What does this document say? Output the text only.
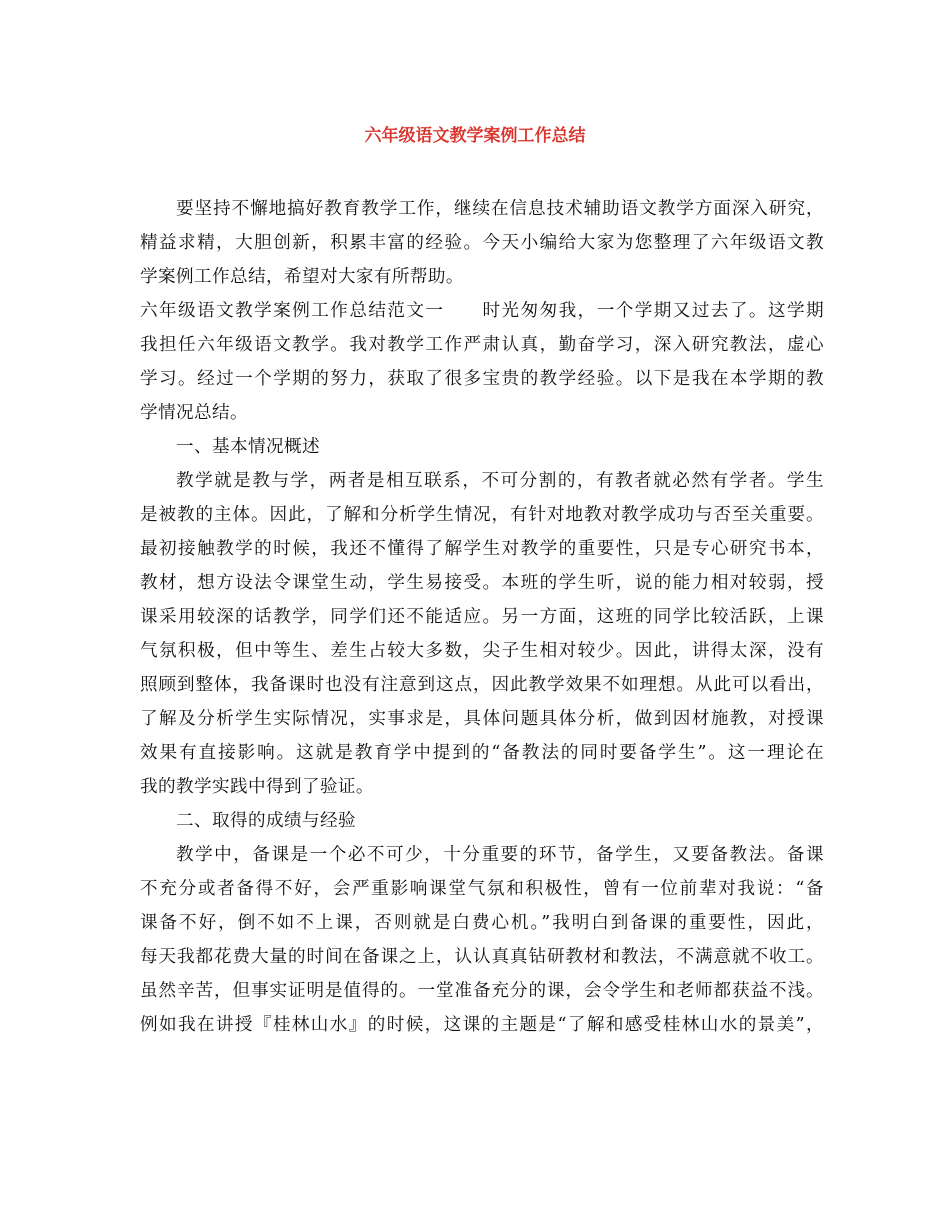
六年级语文教学案例工作总结
要坚持不懈地搞好教育教学工作，继续在信息技术辅助语文教学方面深入研究，
精益求精，大胆创新，积累丰富的经验。今天小编给大家为您整理了六年级语文教
学案例工作总结，希望对大家有所帮助。
六年级语文教学案例工作总结范文一　　时光匆匆我，一个学期又过去了。这学期
我担任六年级语文教学。我对教学工作严肃认真，勤奋学习，深入研究教法，虚心
学习。经过一个学期的努力，获取了很多宝贵的教学经验。以下是我在本学期的教
学情况总结。
一、基本情况概述
教学就是教与学，两者是相互联系，不可分割的，有教者就必然有学者。学生
是被教的主体。因此，了解和分析学生情况，有针对地教对教学成功与否至关重要。
最初接触教学的时候，我还不懂得了解学生对教学的重要性，只是专心研究书本，
教材，想方设法令课堂生动，学生易接受。本班的学生听，说的能力相对较弱，授
课采用较深的话教学，同学们还不能适应。另一方面，这班的同学比较活跃，上课
气氛积极，但中等生、差生占较大多数，尖子生相对较少。因此，讲得太深，没有
照顾到整体，我备课时也没有注意到这点，因此教学效果不如理想。从此可以看出，
了解及分析学生实际情况，实事求是，具体问题具体分析，做到因材施教，对授课
效果有直接影响。这就是教育学中提到的“备教法的同时要备学生”。这一理论在
我的教学实践中得到了验证。
二、取得的成绩与经验
教学中，备课是一个必不可少，十分重要的环节，备学生，又要备教法。备课
不充分或者备得不好，会严重影响课堂气氛和积极性，曾有一位前辈对我说：“备
课备不好，倒不如不上课，否则就是白费心机。”我明白到备课的重要性，因此，
每天我都花费大量的时间在备课之上，认认真真钻研教材和教法，不满意就不收工。
虽然辛苦，但事实证明是值得的。一堂准备充分的课，会令学生和老师都获益不浅。
例如我在讲授『桂林山水』的时候，这课的主题是“了解和感受桂林山水的景美”，
